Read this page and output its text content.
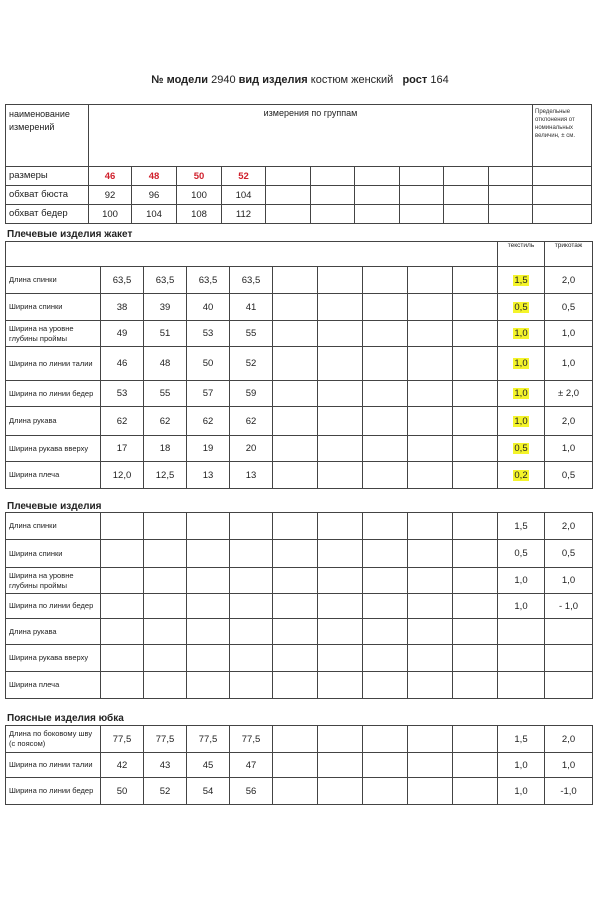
№ модели 2940 вид изделия костюм женский рост 164
наименование измерений	измерения по группам										Предельные отклонения от номинальных величин, ± см.
размеры	46	48	50	52							
обхват бюста	92	96	100	104							
обхват бедер	100	104	108	112							
Плечевые изделия жакет
										текстиль	трикотаж
Длина спинки	63,5	63,5	63,5	63,5						1,5	2,0
Ширина спинки	38	39	40	41						0,5	0,5
Ширина на уровне глубины проймы	49	51	53	55						1,0	1,0
Ширина по линии талии	46	48	50	52						1,0	1,0
Ширина по линии бедер	53	55	57	59						1,0	± 2,0
Длина рукава	62	62	62	62						1,0	2,0
Ширина рукава вверху	17	18	19	20						0,5	1,0
Ширина плеча	12,0	12,5	13	13						0,2	0,5
Плечевые изделия
Длина спинки										1,5	2,0
Ширина спинки										0,5	0,5
Ширина на уровне глубины проймы										1,0	1,0
Ширина по линии бедер										1,0	- 1,0
Длина рукава											
Ширина рукава вверху											
Ширина плеча											
Поясные изделия юбка
Длина по боковому шву (с поясом)	77,5	77,5	77,5	77,5						1,5	2,0
Ширина по линии талии	42	43	45	47						1,0	1,0
Ширина по линии бедер	50	52	54	56						1,0	-1,0
